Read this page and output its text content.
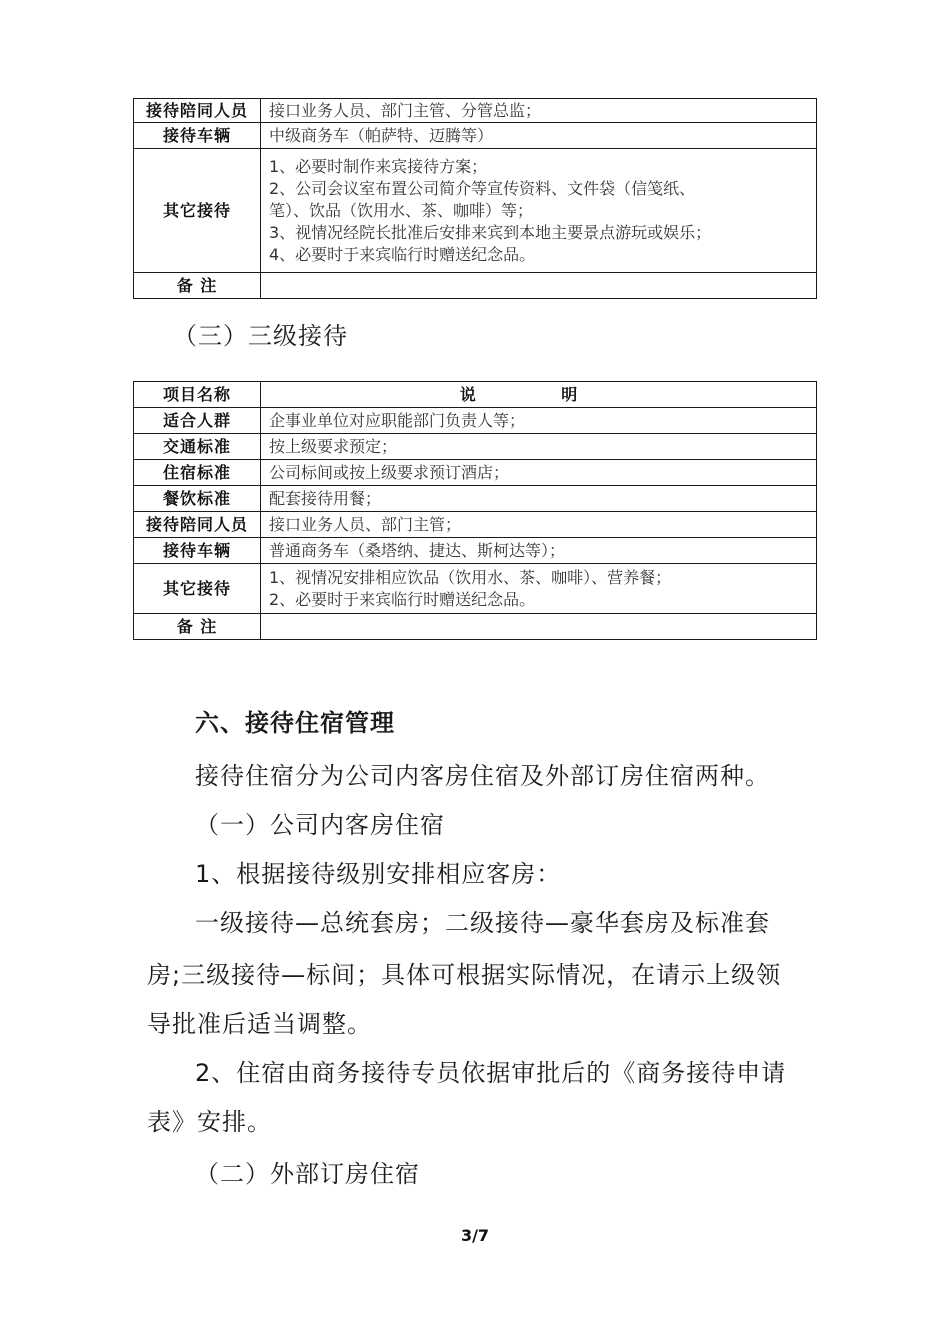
接待陪同人员	接口业务人员、部门主管、分管总监；
接待车辆	中级商务车（帕萨特、迈腾等）
其它接待	1、必要时制作来宾接待方案；
2、公司会议室布置公司简介等宣传资料、文件袋（信笺纸、
笔）、饮品（饮用水、茶、咖啡）等；
3、视情况经院长批准后安排来宾到本地主要景点游玩或娱乐；
4、必要时于来宾临行时赠送纪念品。

备 注	
（三）三级接待
项目名称	说 明
适合人群	企事业单位对应职能部门负责人等；
交通标准	按上级要求预定；
住宿标准	公司标间或按上级要求预订酒店；
餐饮标准	配套接待用餐；
接待陪同人员	接口业务人员、部门主管；
接待车辆	普通商务车（桑塔纳、捷达、斯柯达等）；
其它接待	1、视情况安排相应饮品（饮用水、茶、咖啡）、营养餐；
2、必要时于来宾临行时赠送纪念品。

备 注	
六、接待住宿管理
接待住宿分为公司内客房住宿及外部订房住宿两种。
（一）公司内客房住宿
1、根据接待级别安排相应客房：
一级接待—总统套房；二级接待—豪华套房及标准套
房;三级接待—标间；具体可根据实际情况，在请示上级领
导批准后适当调整。
2、住宿由商务接待专员依据审批后的《商务接待申请
表》安排。
（二）外部订房住宿
3/7
